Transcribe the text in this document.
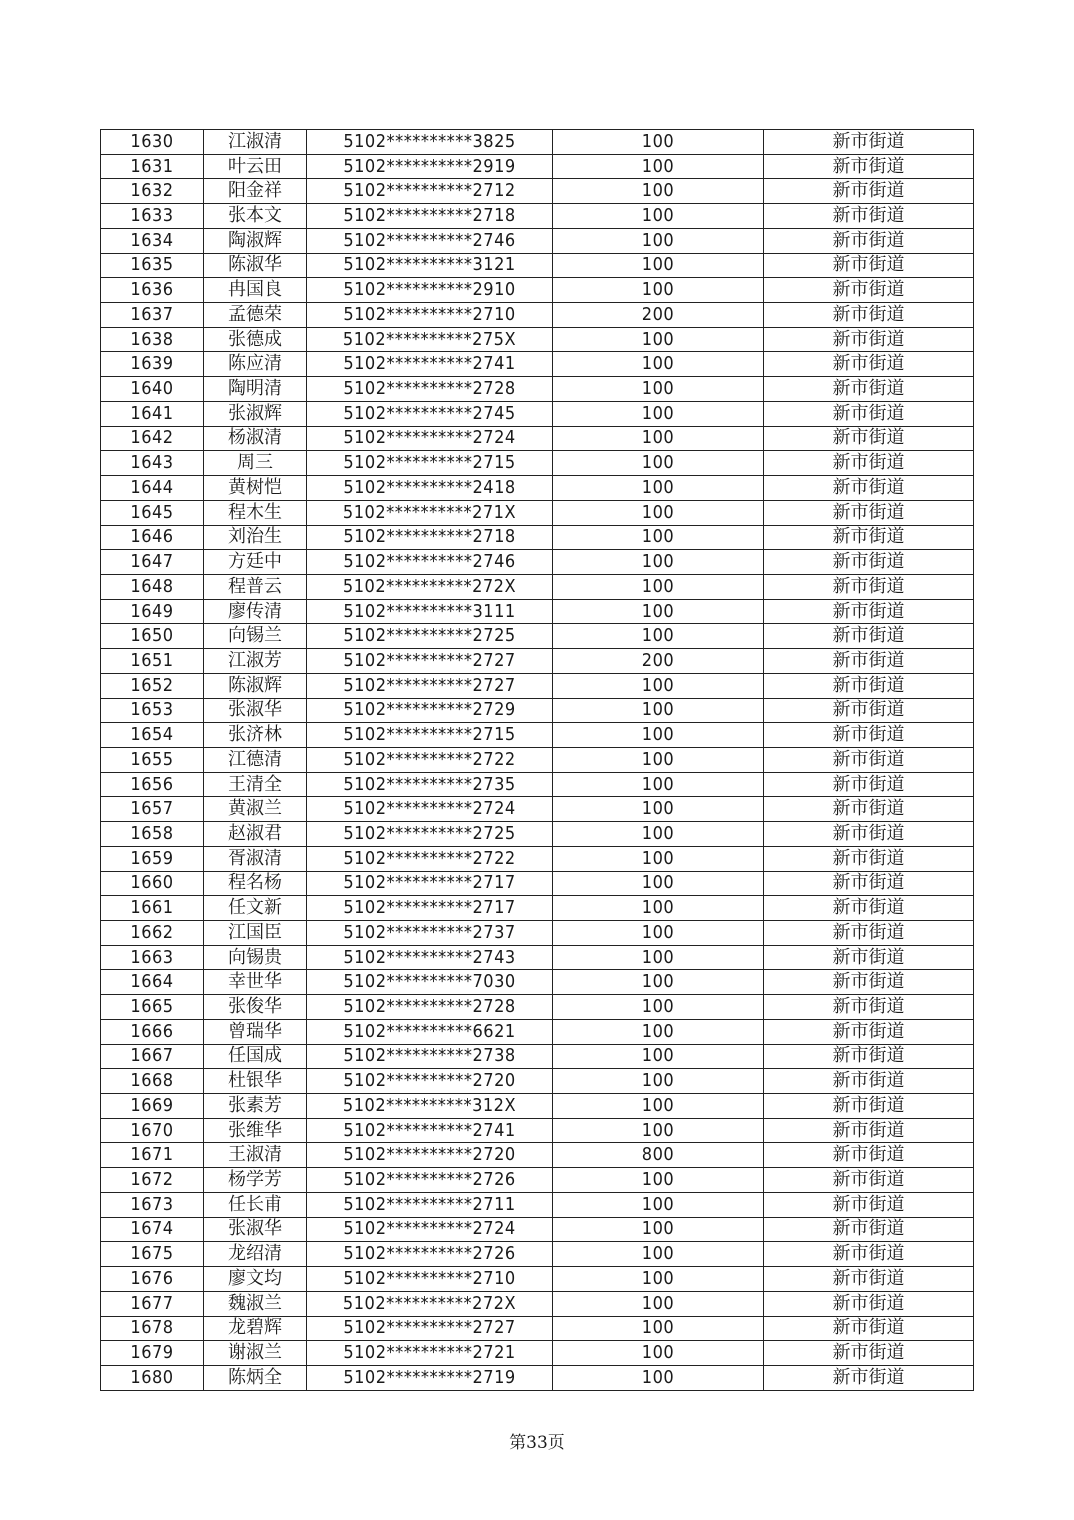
1630	江淑清	5102**********3825	100	新市街道
1631	叶云田	5102**********2919	100	新市街道
1632	阳金祥	5102**********2712	100	新市街道
1633	张本文	5102**********2718	100	新市街道
1634	陶淑辉	5102**********2746	100	新市街道
1635	陈淑华	5102**********3121	100	新市街道
1636	冉国良	5102**********2910	100	新市街道
1637	孟德荣	5102**********2710	200	新市街道
1638	张德成	5102**********275X	100	新市街道
1639	陈应清	5102**********2741	100	新市街道
1640	陶明清	5102**********2728	100	新市街道
1641	张淑辉	5102**********2745	100	新市街道
1642	杨淑清	5102**********2724	100	新市街道
1643	周三	5102**********2715	100	新市街道
1644	黄树恺	5102**********2418	100	新市街道
1645	程木生	5102**********271X	100	新市街道
1646	刘治生	5102**********2718	100	新市街道
1647	方廷中	5102**********2746	100	新市街道
1648	程普云	5102**********272X	100	新市街道
1649	廖传清	5102**********3111	100	新市街道
1650	向锡兰	5102**********2725	100	新市街道
1651	江淑芳	5102**********2727	200	新市街道
1652	陈淑辉	5102**********2727	100	新市街道
1653	张淑华	5102**********2729	100	新市街道
1654	张济林	5102**********2715	100	新市街道
1655	江德清	5102**********2722	100	新市街道
1656	王清全	5102**********2735	100	新市街道
1657	黄淑兰	5102**********2724	100	新市街道
1658	赵淑君	5102**********2725	100	新市街道
1659	胥淑清	5102**********2722	100	新市街道
1660	程名杨	5102**********2717	100	新市街道
1661	任文新	5102**********2717	100	新市街道
1662	江国臣	5102**********2737	100	新市街道
1663	向锡贵	5102**********2743	100	新市街道
1664	幸世华	5102**********7030	100	新市街道
1665	张俊华	5102**********2728	100	新市街道
1666	曾瑞华	5102**********6621	100	新市街道
1667	任国成	5102**********2738	100	新市街道
1668	杜银华	5102**********2720	100	新市街道
1669	张素芳	5102**********312X	100	新市街道
1670	张维华	5102**********2741	100	新市街道
1671	王淑清	5102**********2720	800	新市街道
1672	杨学芳	5102**********2726	100	新市街道
1673	任长甫	5102**********2711	100	新市街道
1674	张淑华	5102**********2724	100	新市街道
1675	龙绍清	5102**********2726	100	新市街道
1676	廖文均	5102**********2710	100	新市街道
1677	魏淑兰	5102**********272X	100	新市街道
1678	龙碧辉	5102**********2727	100	新市街道
1679	谢淑兰	5102**********2721	100	新市街道
1680	陈炳全	5102**********2719	100	新市街道
第33页
